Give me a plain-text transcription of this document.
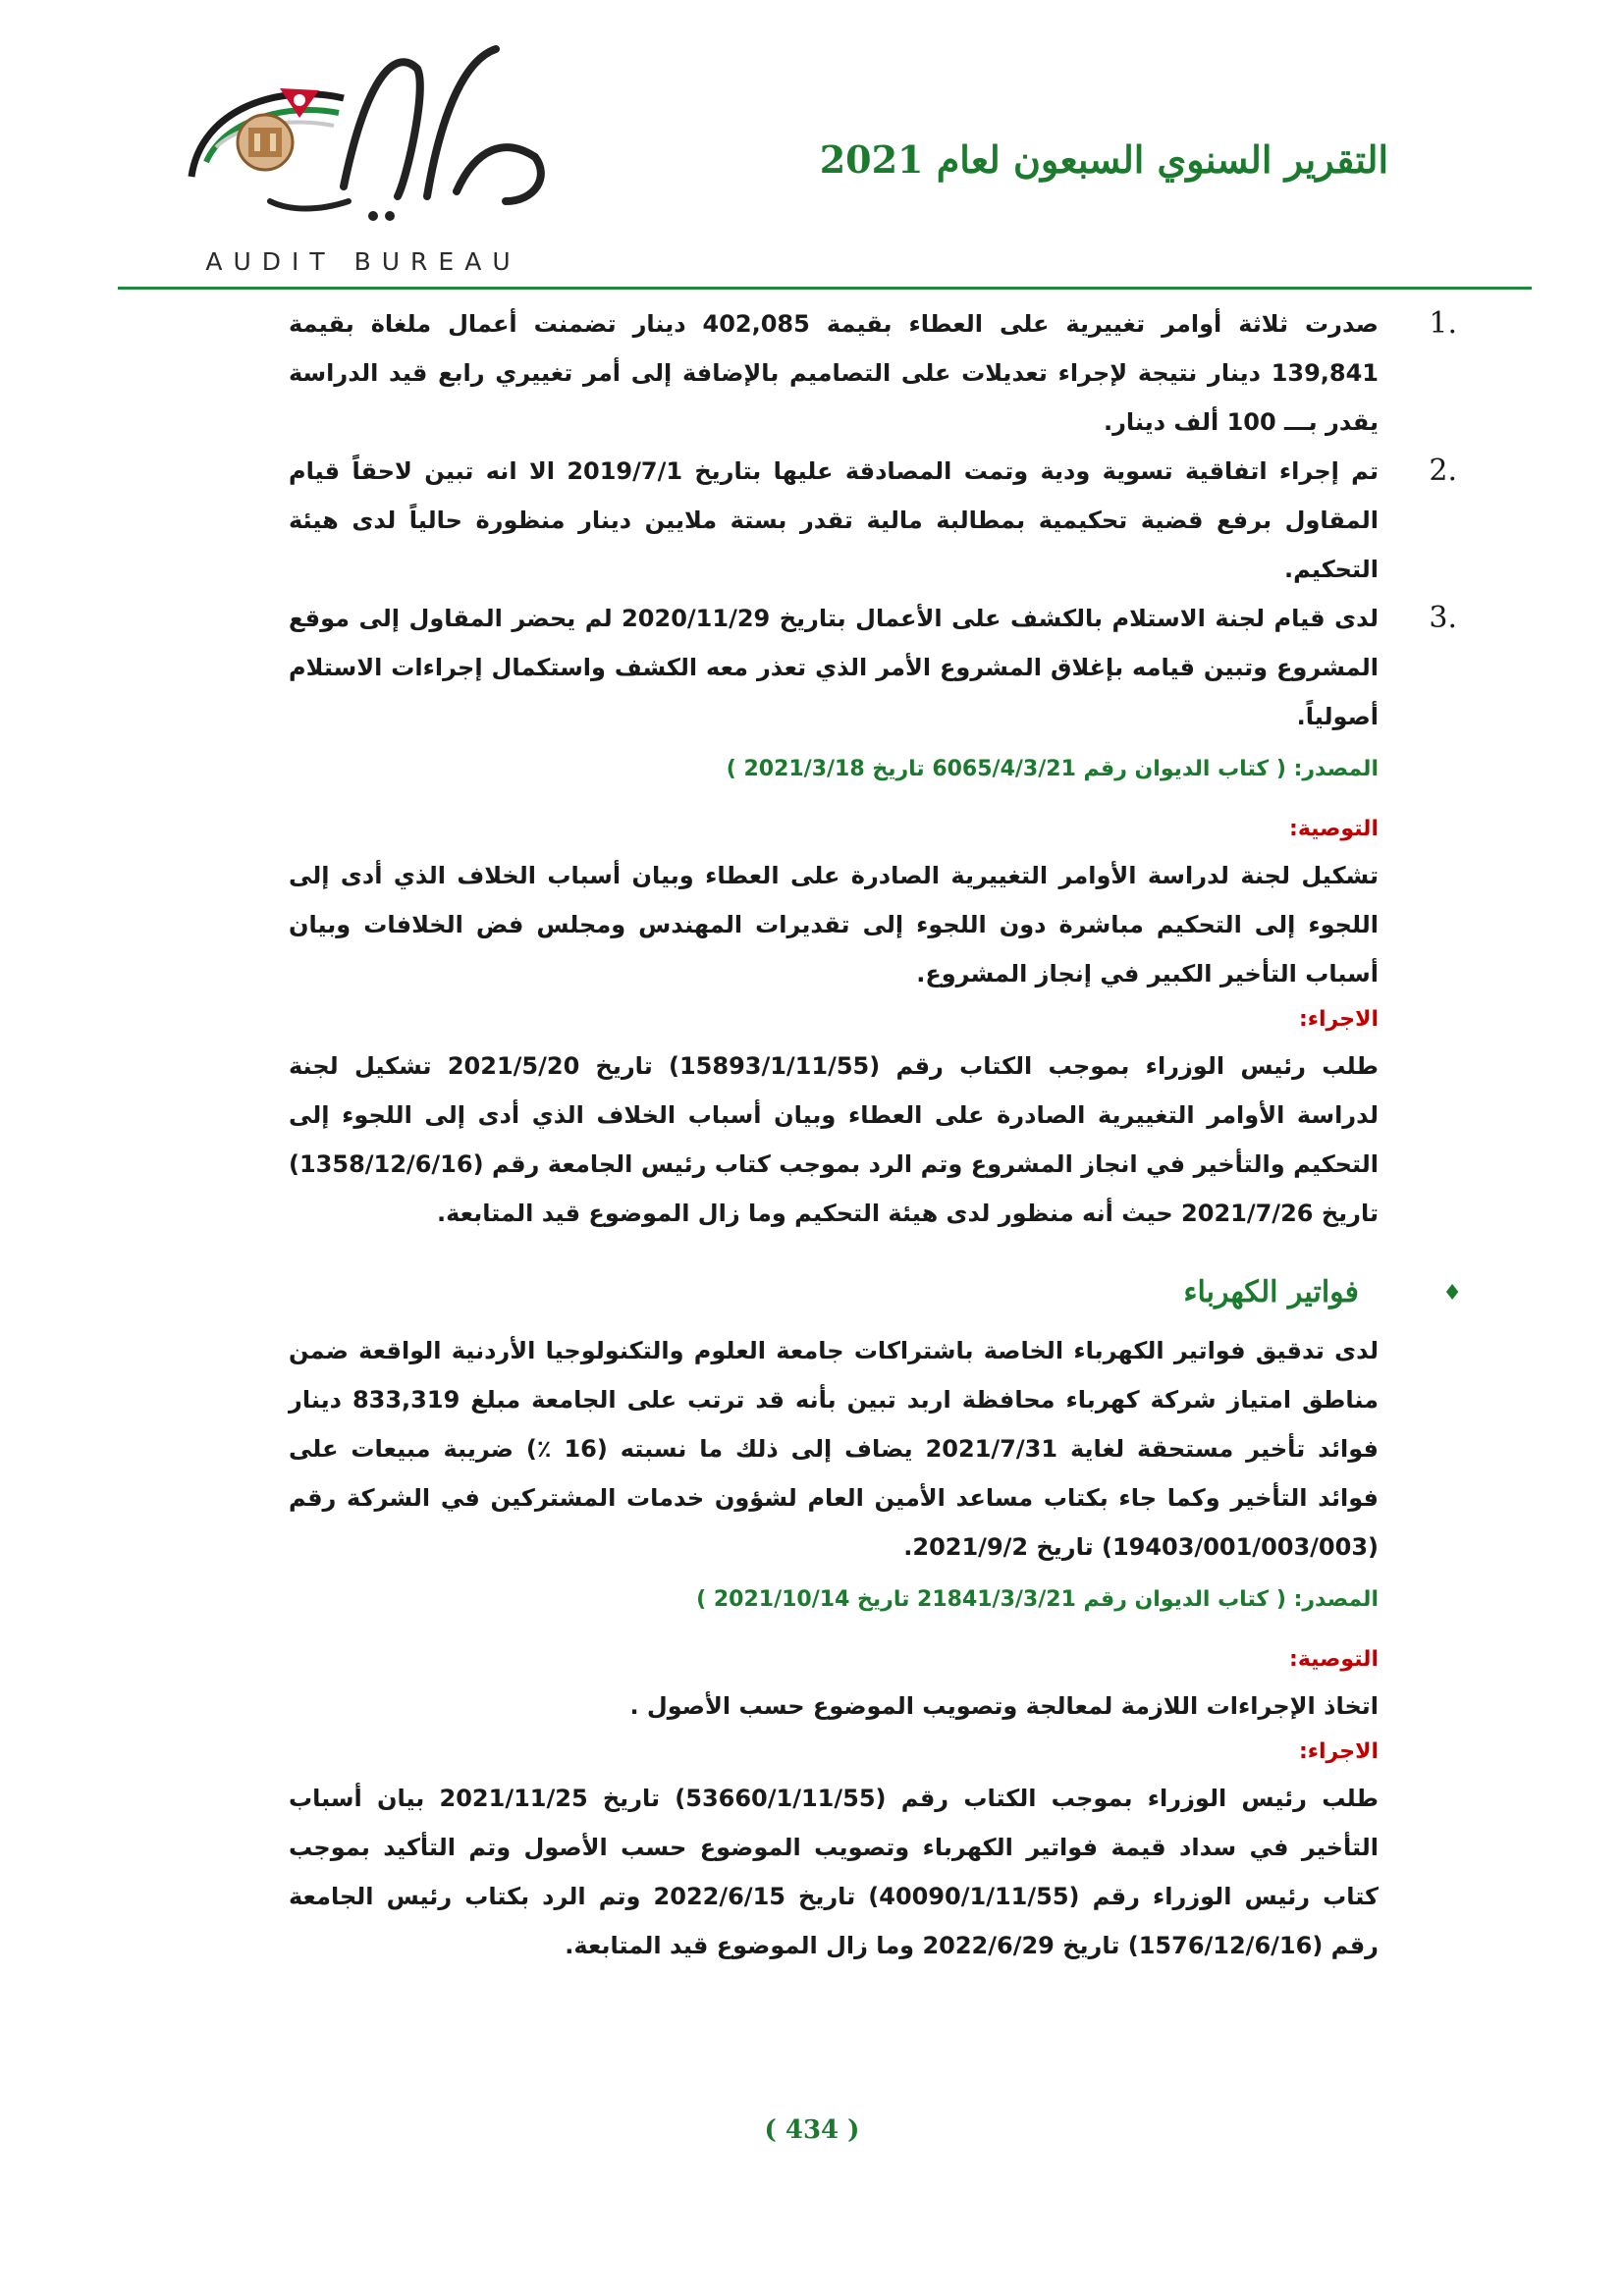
AUDIT BUREAU
التقرير السنوي السبعون لعام 2021
1.
صدرت ثلاثة أوامر تغييرية على العطاء بقيمة 402,085 دينار تضمنت أعمال ملغاة بقيمة 139,841 دينار نتيجة لإجراء تعديلات على التصاميم بالإضافة إلى أمر تغييري رابع قيد الدراسة يقدر بـــ 100 ألف دينار.
2.
تم إجراء اتفاقية تسوية ودية وتمت المصادقة عليها بتاريخ 2019/7/1 الا انه تبين لاحقاً قيام المقاول برفع قضية تحكيمية بمطالبة مالية تقدر بستة ملايين دينار منظورة حالياً لدى هيئة التحكيم.
3.
لدى قيام لجنة الاستلام بالكشف على الأعمال بتاريخ 2020/11/29 لم يحضر المقاول إلى موقع المشروع وتبين قيامه بإغلاق المشروع الأمر الذي تعذر معه الكشف واستكمال إجراءات الاستلام أصولياً.
المصدر: ( كتاب الديوان رقم 6065/4/3/21 تاريخ 2021/3/18 )
التوصية:

تشكيل لجنة لدراسة الأوامر التغييرية الصادرة على العطاء وبيان أسباب الخلاف الذي أدى إلى اللجوء إلى التحكيم مباشرة دون اللجوء إلى تقديرات المهندس ومجلس فض الخلافات وبيان أسباب التأخير الكبير في إنجاز المشروع.

الاجراء:

طلب رئيس الوزراء بموجب الكتاب رقم (15893/1/11/55) تاريخ 2021/5/20 تشكيل لجنة لدراسة الأوامر التغييرية الصادرة على العطاء وبيان أسباب الخلاف الذي أدى إلى اللجوء إلى التحكيم والتأخير في انجاز المشروع وتم الرد بموجب كتاب رئيس الجامعة رقم (1358/12/6/16) تاريخ 2021/7/26 حيث أنه منظور لدى هيئة التحكيم وما زال الموضوع قيد المتابعة.

♦
فواتير الكهرباء

لدى تدقيق فواتير الكهرباء الخاصة باشتراكات جامعة العلوم والتكنولوجيا الأردنية الواقعة ضمن مناطق امتياز شركة كهرباء محافظة اربد تبين بأنه قد ترتب على الجامعة مبلغ 833,319 دينار فوائد تأخير مستحقة لغاية 2021/7/31 يضاف إلى ذلك ما نسبته (16 ٪) ضريبة مبيعات على فوائد التأخير وكما جاء بكتاب مساعد الأمين العام لشؤون خدمات المشتركين في الشركة رقم (19403/001/003/003) تاريخ 2021/9/2.

المصدر: ( كتاب الديوان رقم 21841/3/3/21 تاريخ 2021/10/14 )
التوصية:

اتخاذ الإجراءات اللازمة لمعالجة وتصويب الموضوع حسب الأصول .

الاجراء:

طلب رئيس الوزراء بموجب الكتاب رقم (53660/1/11/55) تاريخ 2021/11/25 بيان أسباب التأخير في سداد قيمة فواتير الكهرباء وتصويب الموضوع حسب الأصول وتم التأكيد بموجب كتاب رئيس الوزراء رقم (40090/1/11/55) تاريخ 2022/6/15 وتم الرد بكتاب رئيس الجامعة رقم (1576/12/6/16) تاريخ 2022/6/29 وما زال الموضوع قيد المتابعة.

( 434 )
